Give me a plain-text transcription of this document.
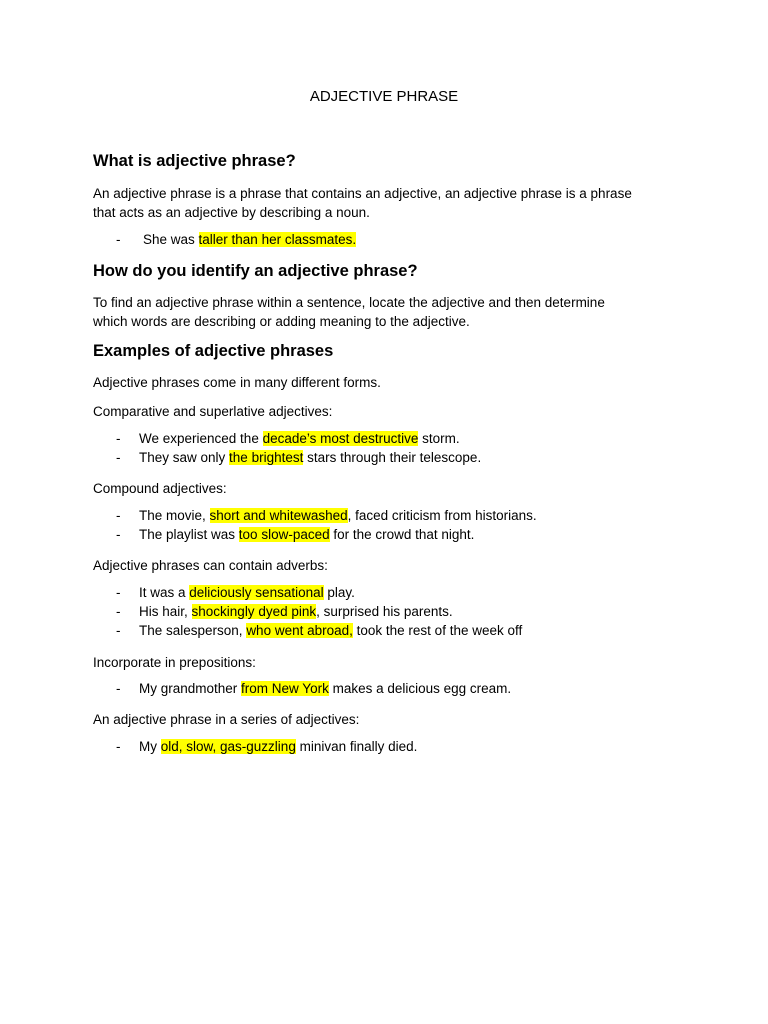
ADJECTIVE PHRASE
What is adjective phrase?
An adjective phrase is a phrase that contains an adjective, an adjective phrase is a phrase
that acts as an adjective by describing a noun.
- She was taller than her classmates.
How do you identify an adjective phrase?
To find an adjective phrase within a sentence, locate the adjective and then determine
which words are describing or adding meaning to the adjective.
Examples of adjective phrases
Adjective phrases come in many different forms.
Comparative and superlative adjectives:
- We experienced the decade’s most destructive storm.
- They saw only the brightest stars through their telescope.
Compound adjectives:
- The movie, short and whitewashed, faced criticism from historians.
- The playlist was too slow-paced for the crowd that night.
Adjective phrases can contain adverbs:
- It was a deliciously sensational play.
- His hair, shockingly dyed pink, surprised his parents.
- The salesperson, who went abroad, took the rest of the week off
Incorporate in prepositions:
- My grandmother from New York makes a delicious egg cream.
An adjective phrase in a series of adjectives:
- My old, slow, gas-guzzling minivan finally died.
